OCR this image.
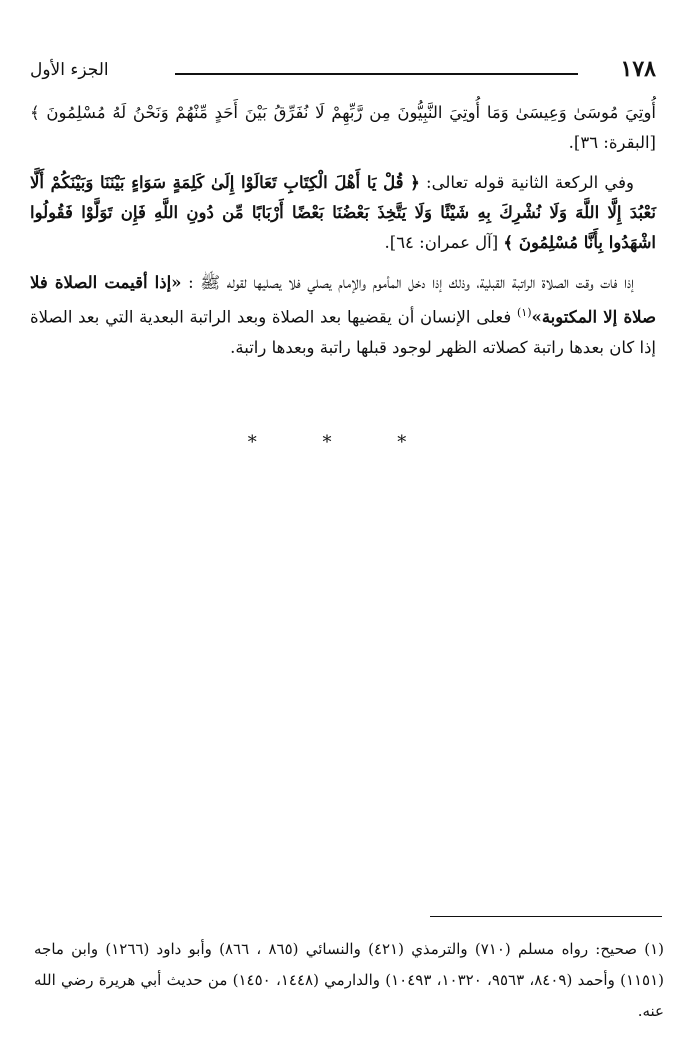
١٧٨
الجزء الأول

أُوتِيَ مُوسَىٰ وَعِيسَىٰ وَمَا أُوتِيَ النَّبِيُّونَ مِن رَّبِّهِمْ لَا نُفَرِّقُ بَيْنَ أَحَدٍ مِّنْهُمْ وَنَحْنُ لَهُ مُسْلِمُونَ ﴾ [البقرة: ٣٦].

وفي الركعة الثانية قوله تعالى: ﴿ قُلْ يَا أَهْلَ الْكِتَابِ تَعَالَوْا إِلَىٰ كَلِمَةٍ سَوَاءٍ بَيْنَنَا وَبَيْنَكُمْ أَلَّا نَعْبُدَ إِلَّا اللَّهَ وَلَا نُشْرِكَ بِهِ شَيْئًا وَلَا يَتَّخِذَ بَعْضُنَا بَعْضًا أَرْبَابًا مِّن دُونِ اللَّهِ فَإِن تَوَلَّوْا فَقُولُوا اشْهَدُوا بِأَنَّا مُسْلِمُونَ ﴾ [آل عمران: ٦٤].

إذا فات وقت الصلاة الراتبة القبلية، وذلك إذا دخل المأموم والإمام يصلي فلا يصليها لقوله ﷺ : «إذا أقيمت الصلاة فلا صلاة إلا المكتوبة»$^{(١)}$ فعلى الإنسان أن يقضيها بعد الصلاة وبعد الراتبة البعدية التي بعد الصلاة إذا كان بعدها راتبة كصلاته الظهر لوجود قبلها راتبة وبعدها راتبة.

* * *
(١) صحيح: رواه مسلم (٧١٠) والترمذي (٤٢١) والنسائي (٨٦٥ ، ٨٦٦) وأبو داود (١٢٦٦) وابن ماجه (١١٥١) وأحمد (٨٤٠٩، ٩٥٦٣، ١٠٣٢٠، ١٠٤٩٣) والدارمي (١٤٤٨، ١٤٥٠) من حديث أبي هريرة رضي الله عنه.
